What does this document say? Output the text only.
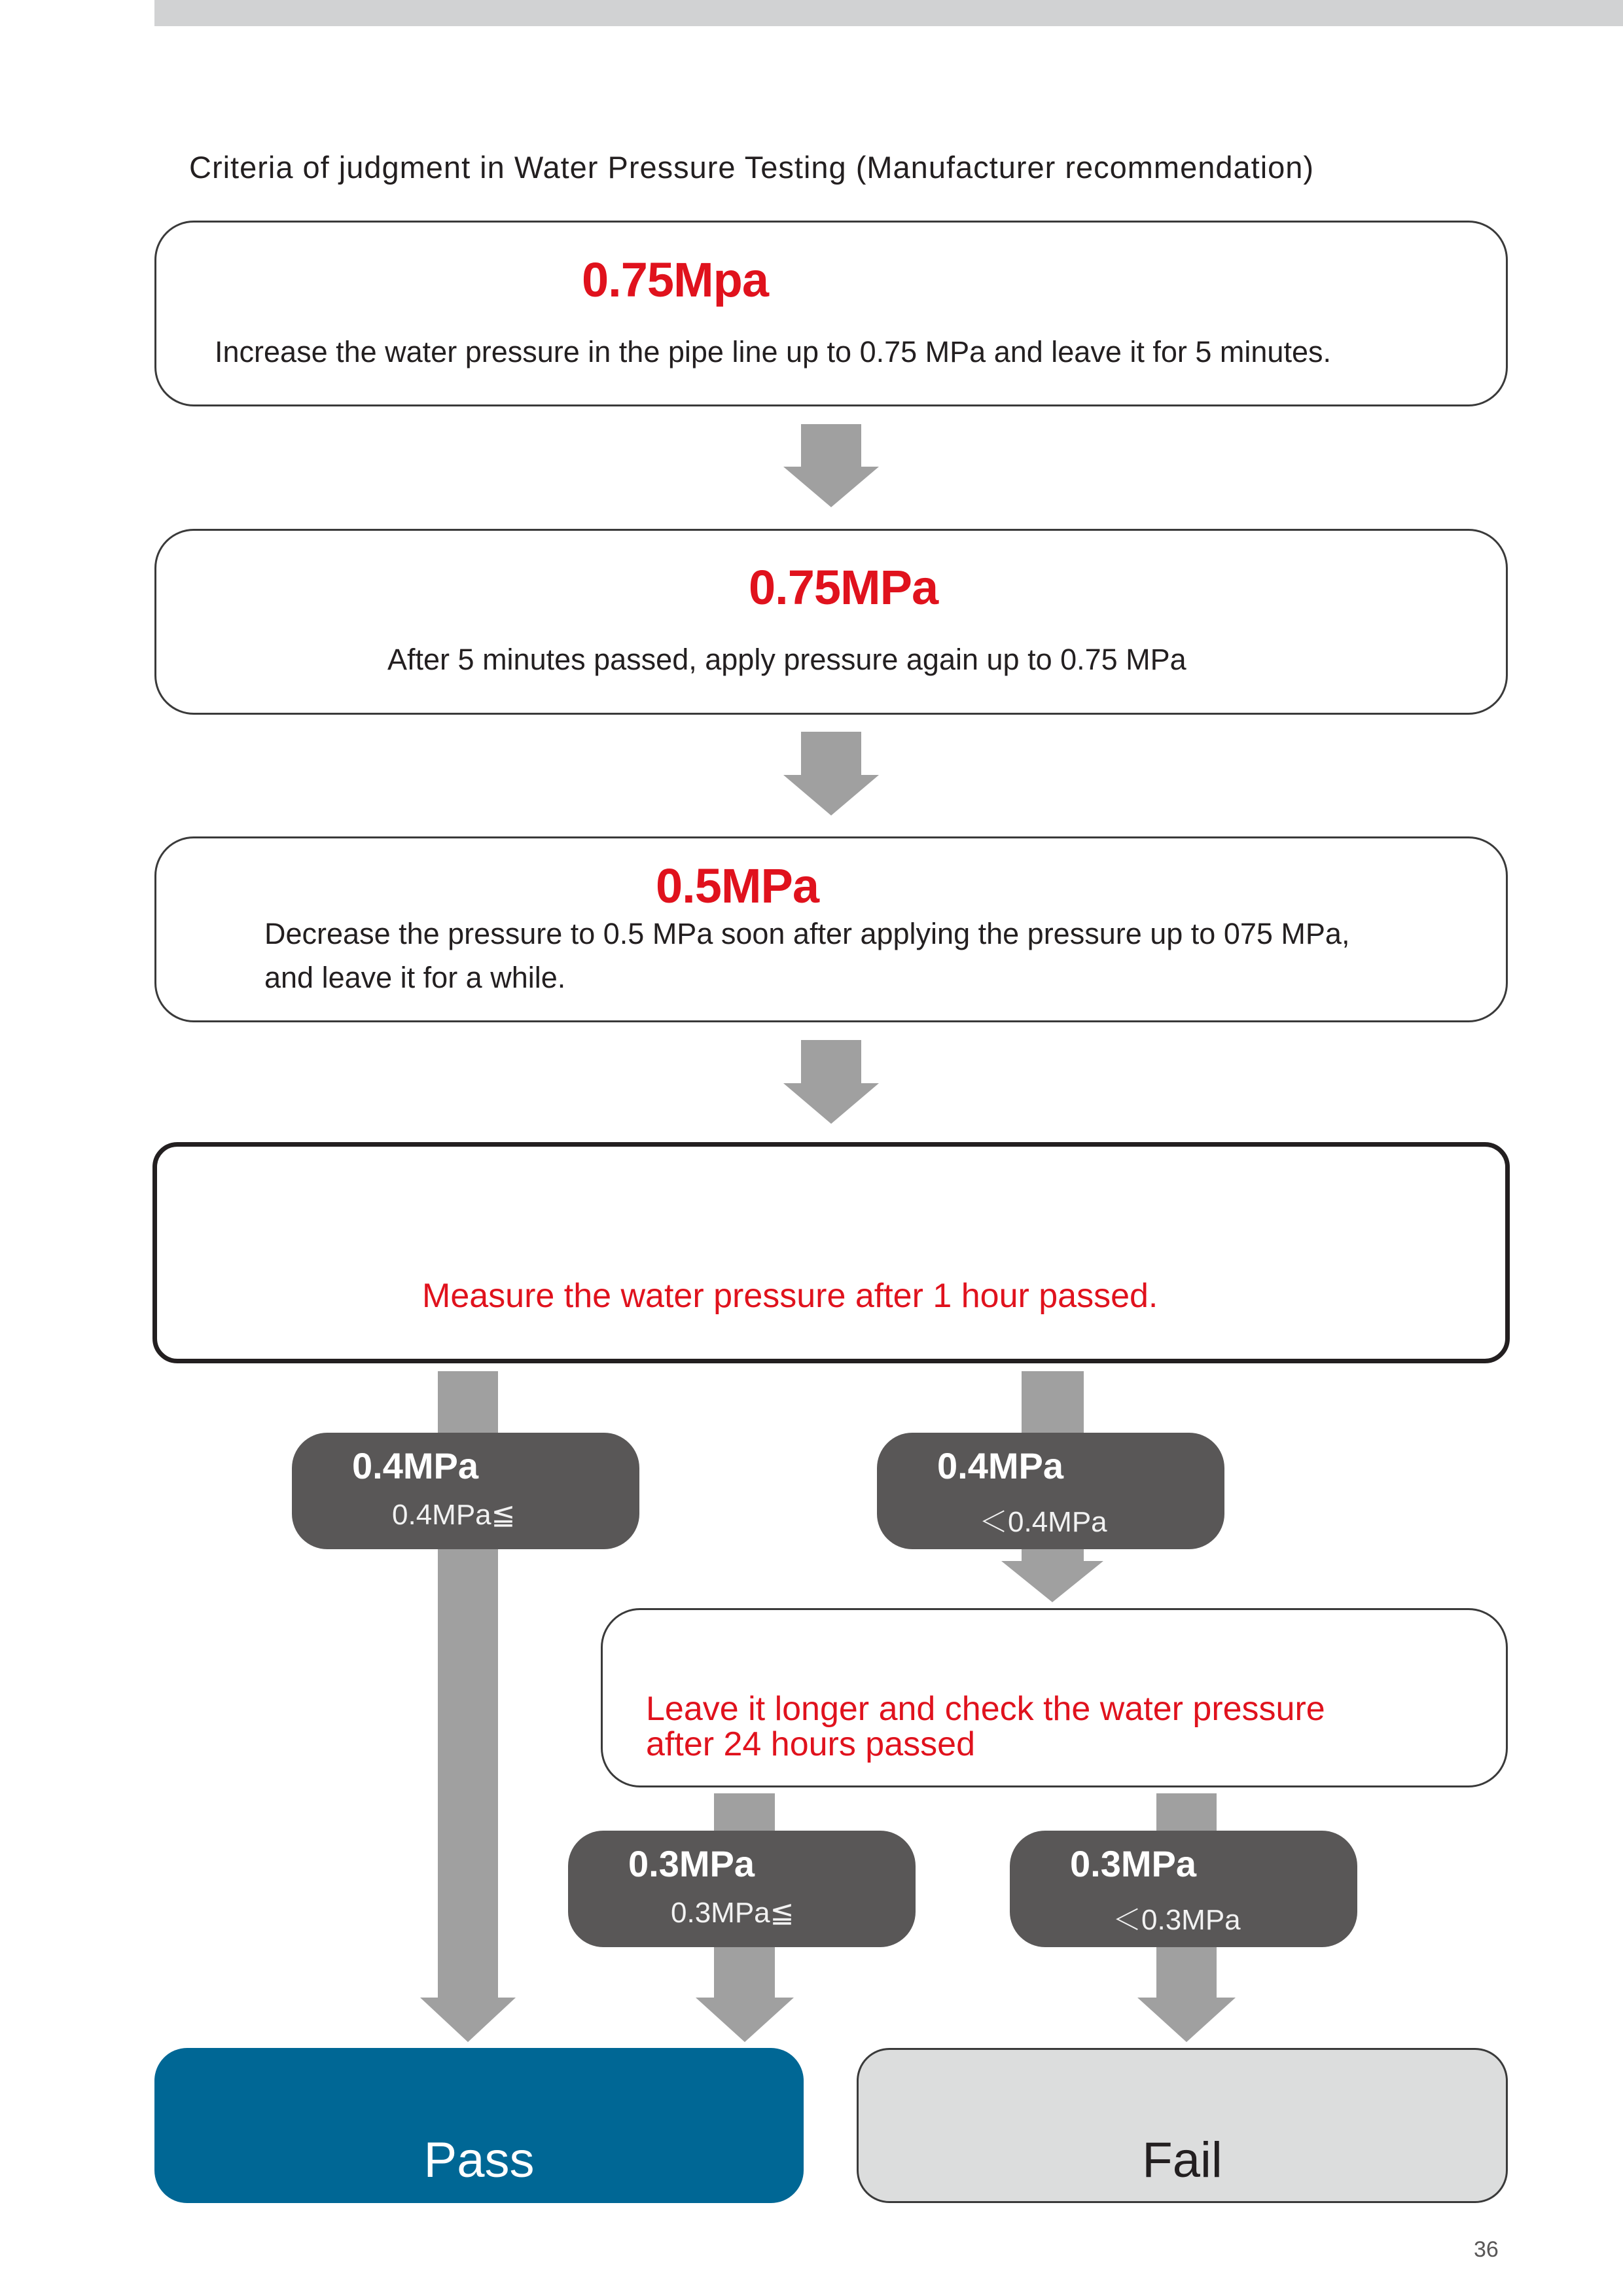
Criteria of judgment in Water Pressure Testing (Manufacturer recommendation)
0.75Mpa
Increase the water pressure in the pipe line up to 0.75 MPa and leave it for 5 minutes.
0.75MPa
After 5 minutes passed, apply pressure again up to 0.75 MPa
0.5MPa
Decrease the pressure to 0.5 MPa soon after applying the pressure up to 075 MPa,
and leave it for a while.
Measure the water pressure after 1 hour passed.
0.4MPa
0.4MPa≦
0.4MPa
＜0.4MPa
Leave it longer and check the water pressure
after 24 hours passed
0.3MPa
0.3MPa≦
0.3MPa
＜0.3MPa
Pass	Fail
36
